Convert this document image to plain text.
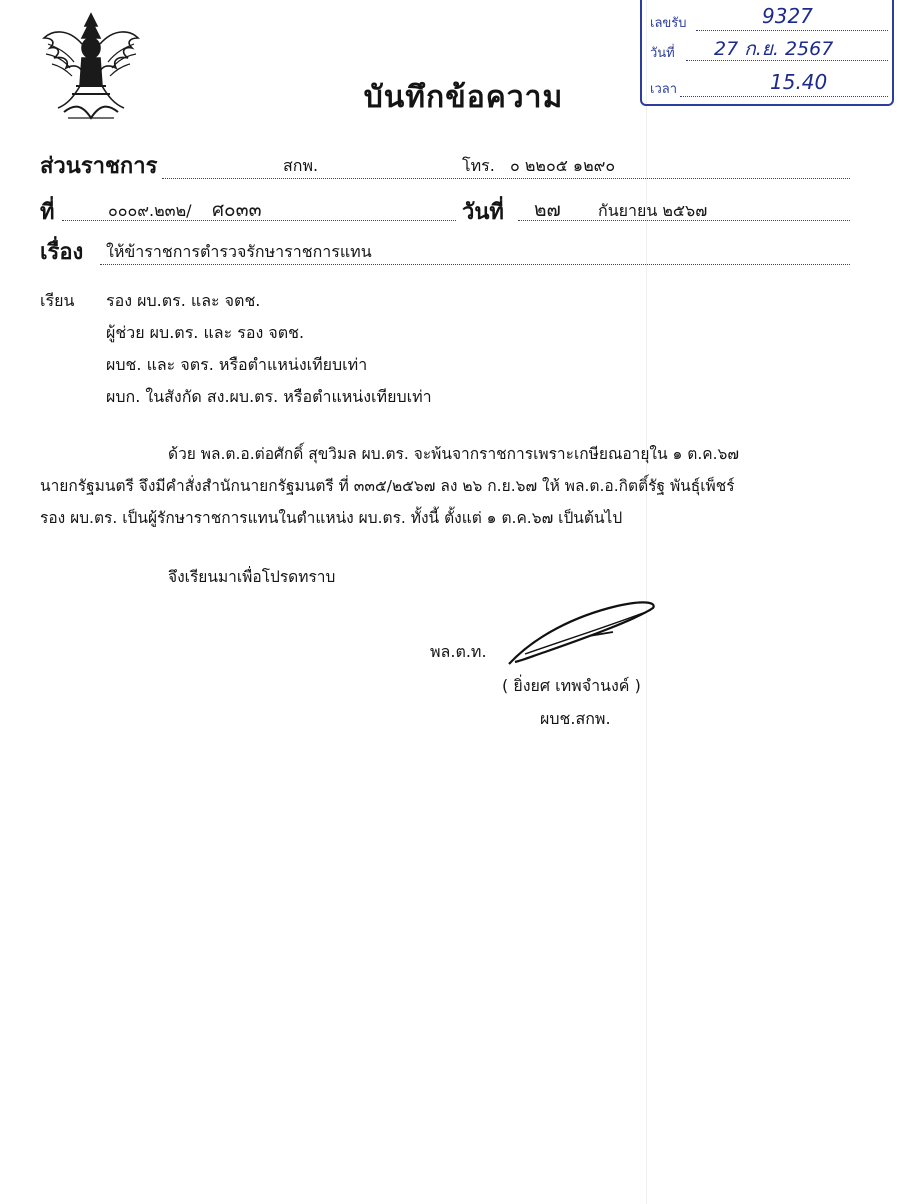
บันทึกข้อความ
เลขรับ	9327
วันที่ 27 ก.ย. 2567
เวลา	15.40
ส่วนราชการ	สกพ.	โทร. ๐ ๒๒๐๕ ๑๒๙๐
ที่	๐๐๐๙.๒๓๒/ ศ๐๓๓	วันที่ ๒๗ กันยายน ๒๕๖๗
เรื่อง ให้ข้าราชการตำรวจรักษาราชการแทน
เรียน รอง ผบ.ตร. และ จตช.
ผู้ช่วย ผบ.ตร. และ รอง จตช.
ผบช. และ จตร. หรือตำแหน่งเทียบเท่า
ผบก. ในสังกัด สง.ผบ.ตร. หรือตำแหน่งเทียบเท่า
ด้วย พล.ต.อ.ต่อศักดิ์ สุขวิมล ผบ.ตร. จะพ้นจากราชการเพราะเกษียณอายุใน ๑ ต.ค.๖๗
นายกรัฐมนตรี จึงมีคำสั่งสำนักนายกรัฐมนตรี ที่ ๓๓๕/๒๕๖๗ ลง ๒๖ ก.ย.๖๗ ให้ พล.ต.อ.กิตติ์รัฐ พันธุ์เพ็ชร์
รอง ผบ.ตร. เป็นผู้รักษาราชการแทนในตำแหน่ง ผบ.ตร. ทั้งนี้ ตั้งแต่ ๑ ต.ค.๖๗ เป็นต้นไป
จึงเรียนมาเพื่อโปรดทราบ
พล.ต.ท.
( ยิ่งยศ เทพจำนงค์ )
ผบช.สกพ.
